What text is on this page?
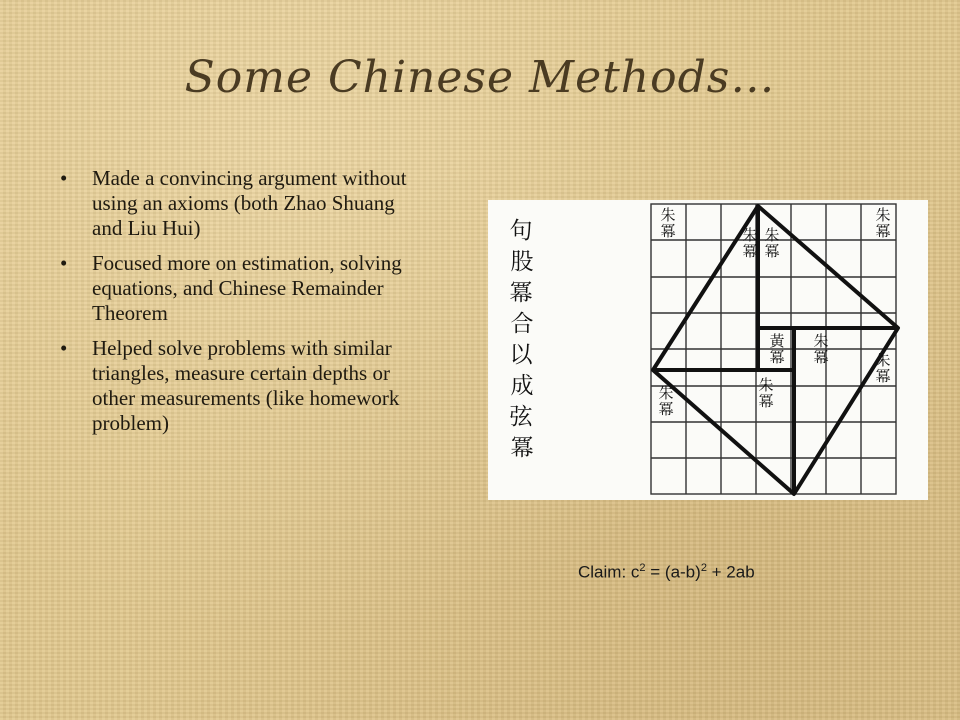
Some Chinese Methods…
• Made a convincing argument without using an axioms (both Zhao Shuang and Liu Hui)
• Focused more on estimation, solving equations, and Chinese Remainder Theorem
• Helped solve problems with similar triangles, measure certain depths or other measurements (like homework problem)
句
股
冪
合
以
成
弦
冪
朱
冪
朱
冪
朱
冪
朱
冪
黃
冪
朱
冪	朱
冪
朱
冪
朱
冪
Claim: $c^2 = (a-b)^2 + 2ab$
